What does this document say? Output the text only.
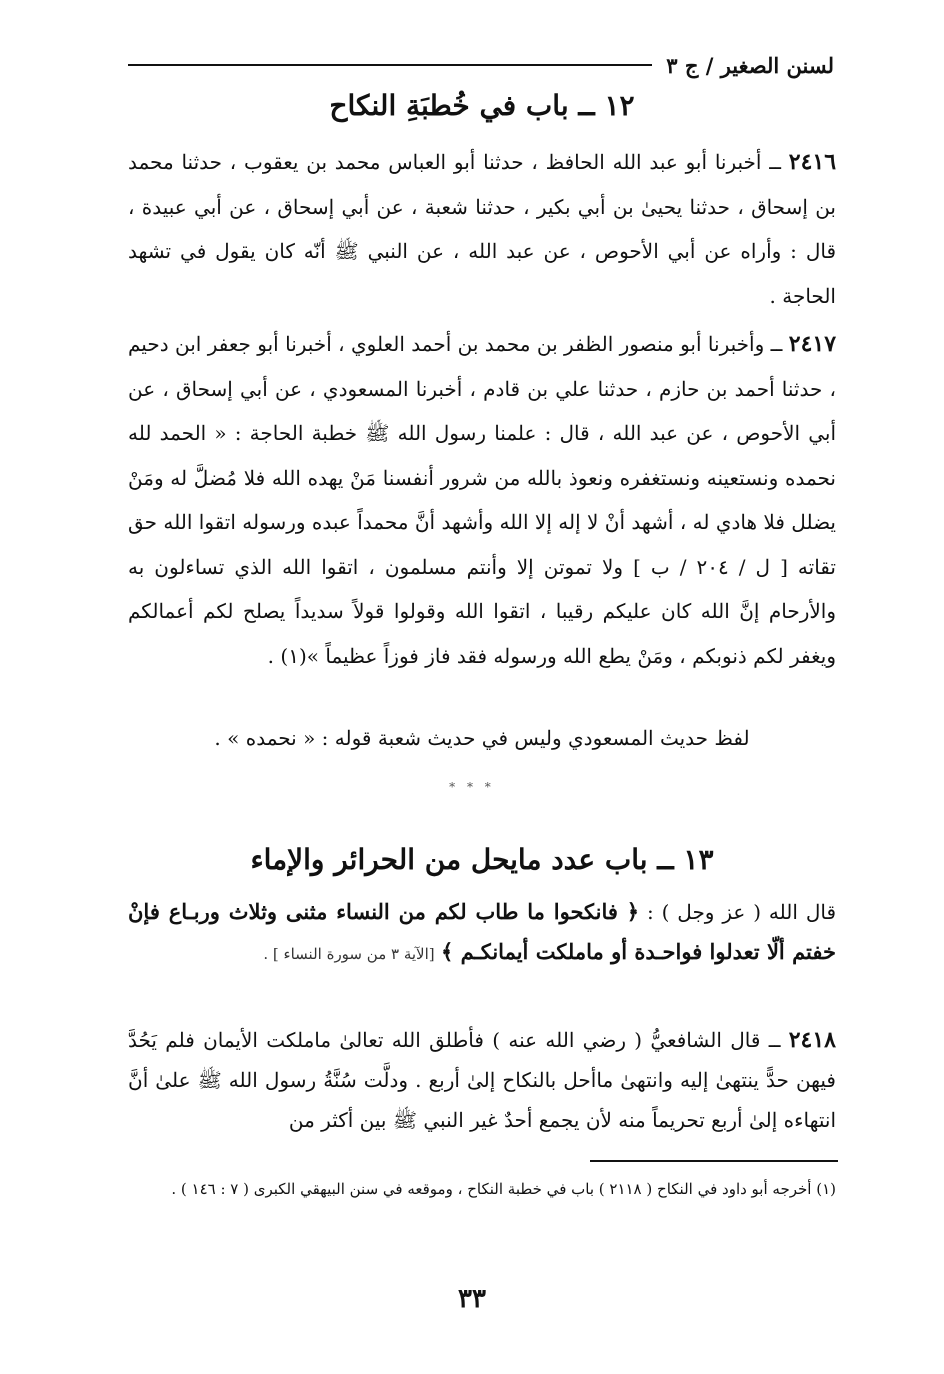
لسنن الصغير / ج ٣
١٢ ــ باب في خُطبَةِ النكاح
٢٤١٦ ــ أخبرنا أبو عبد الله الحافظ ، حدثنا أبو العباس محمد بن يعقوب ، حدثنا محمد بن إسحاق ، حدثنا يحيىٰ بن أبي بكير ، حدثنا شعبة ، عن أبي إسحاق ، عن أبي عبيدة ، قال : وأراه عن أبي الأحوص ، عن عبد الله ، عن النبي ﷺ أنّه كان يقول في تشهد الحاجة .
٢٤١٧ ــ وأخبرنا أبو منصور الظفر بن محمد بن أحمد العلوي ، أخبرنا أبو جعفر ابن دحيم ، حدثنا أحمد بن حازم ، حدثنا علي بن قادم ، أخبرنا المسعودي ، عن أبي إسحاق ، عن أبي الأحوص ، عن عبد الله ، قال : علمنا رسول الله ﷺ خطبة الحاجة : « الحمد لله نحمده ونستعينه ونستغفره ونعوذ بالله من شرور أنفسنا مَنْ يهده الله فلا مُضلَّ له ومَنْ يضلل فلا هادي له ، أشهد أنْ لا إله إلا الله وأشهد أنَّ محمداً عبده ورسوله اتقوا الله حق تقاته [ ل / ٢٠٤ / ب ] ولا تموتن إلا وأنتم مسلمون ، اتقوا الله الذي تساءلون به والأرحام إنَّ الله كان عليكم رقيبا ، اتقوا الله وقولوا قولاً سديداً يصلح لكم أعمالكم ويغفر لكم ذنوبكم ، ومَنْ يطع الله ورسوله فقد فاز فوزاً عظيماً »(١) .
لفظ حديث المسعودي وليس في حديث شعبة قوله : « نحمده » .
* * *
١٣ ــ باب عدد مايحل من الحرائر والإماء
قال الله ( عز وجل ) : ﴿ فانكحوا ما طاب لكم من النساء مثنى وثلاث وربـاع فإنْ خفتم ألّا تعدلوا فواحـدة أو ماملكت أيمانكـم ﴾ [الآية ٣ من سورة النساء ] .
٢٤١٨ ــ قال الشافعيُّ ( رضي الله عنه ) فأطلق الله تعالىٰ ماملكت الأيمان فلم يَحُدَّ فيهن حدًّ ينتهىٰ إليه وانتهىٰ ماأحل بالنكاح إلىٰ أربع . ودلَّت سُنَّةُ رسول الله ﷺ علىٰ أنَّ انتهاءه إلىٰ أربع تحريماً منه لأن يجمع أحدٌ غير النبي ﷺ بين أكثر من
(١) أخرجه أبو داود في النكاح ( ٢١١٨ ) باب في خطبة النكاح ، وموقعه في سنن البيهقي الكبرى ( ٧ : ١٤٦ ) .
٣٣
